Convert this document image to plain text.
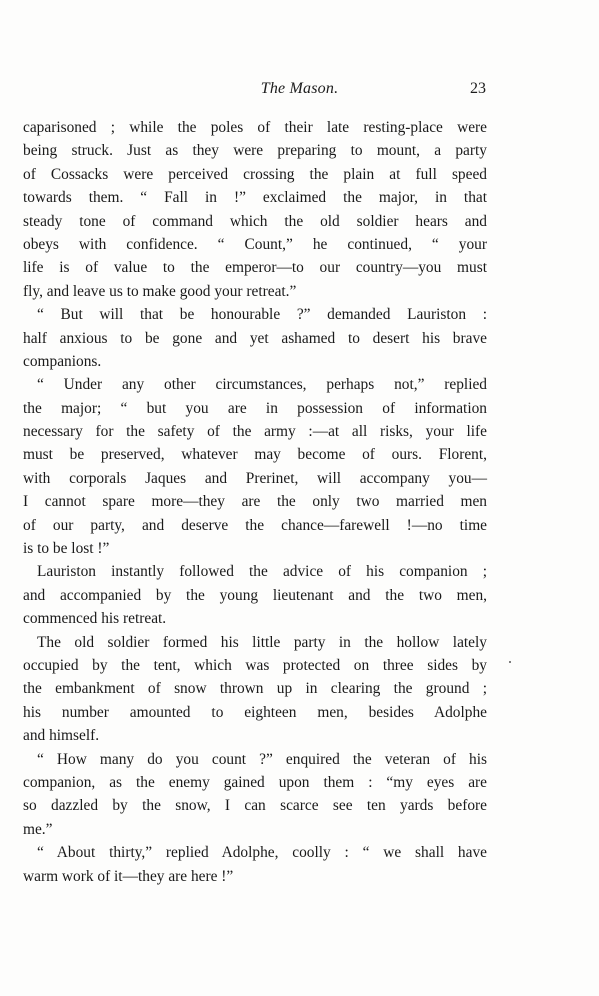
The Mason.	23
caparisoned ; while the poles of their late resting-place were
being struck. Just as they were preparing to mount, a party
of Cossacks were perceived crossing the plain at full speed
towards them. “ Fall in !” exclaimed the major, in that
steady tone of command which the old soldier hears and
obeys with confidence. “ Count,” he continued, “ your
life is of value to the emperor—to our country—you must
fly, and leave us to make good your retreat.”
“ But will that be honourable ?” demanded Lauriston :
half anxious to be gone and yet ashamed to desert his brave
companions.
“ Under any other circumstances, perhaps not,” replied
the major; “ but you are in possession of information
necessary for the safety of the army :—at all risks, your life
must be preserved, whatever may become of ours. Florent,
with corporals Jaques and Prerinet, will accompany you—
I cannot spare more—they are the only two married men
of our party, and deserve the chance—farewell !—no time
is to be lost !”
Lauriston instantly followed the advice of his companion ;
and accompanied by the young lieutenant and the two men,
commenced his retreat.
The old soldier formed his little party in the hollow lately
occupied by the tent, which was protected on three sides by
the embankment of snow thrown up in clearing the ground ;
his number amounted to eighteen men, besides Adolphe
and himself.
“ How many do you count ?” enquired the veteran of his
companion, as the enemy gained upon them : “my eyes are
so dazzled by the snow, I can scarce see ten yards before
me.”
“ About thirty,” replied Adolphe, coolly : “ we shall have
warm work of it—they are here !”
